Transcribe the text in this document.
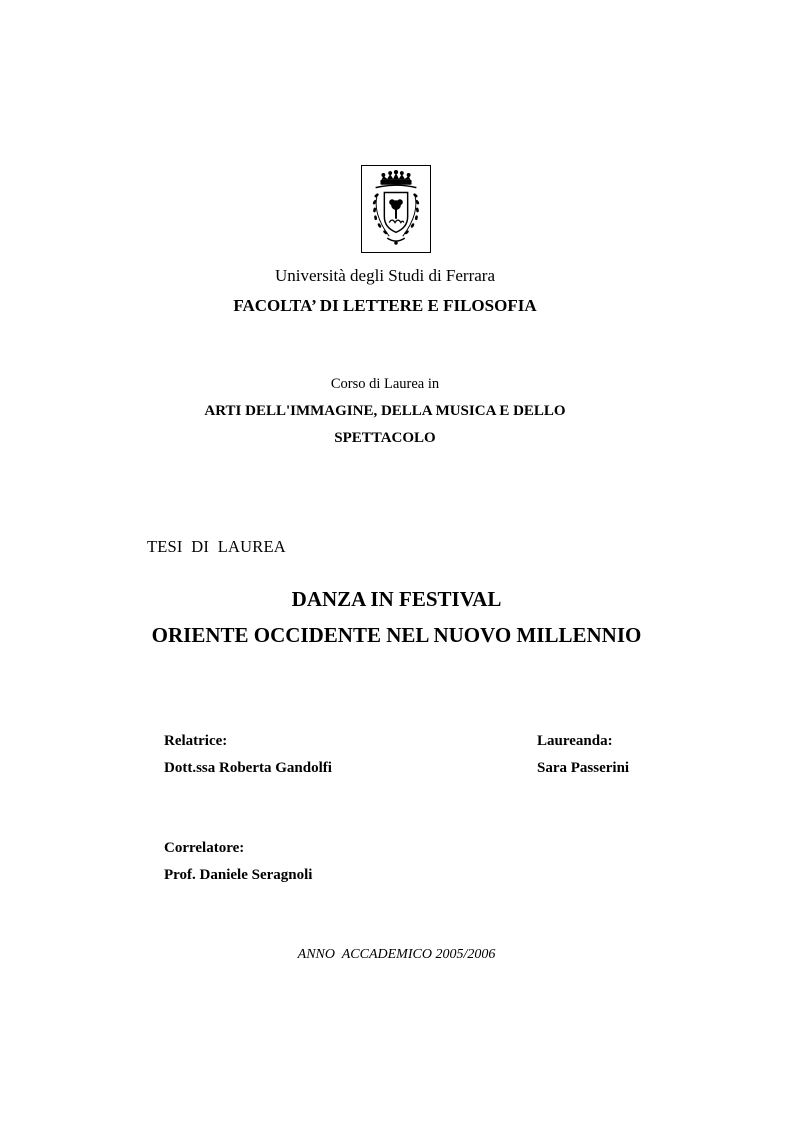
Università degli Studi di Ferrara
FACOLTA’ DI LETTERE E FILOSOFIA
Corso di Laurea in
ARTI DELL'IMMAGINE, DELLA MUSICA E DELLO
SPETTACOLO
TESI  DI  LAUREA
DANZA IN FESTIVAL
ORIENTE OCCIDENTE NEL NUOVO MILLENNIO
Relatrice:
Dott.ssa Roberta Gandolfi
Laureanda:
Sara Passerini
Correlatore:
Prof. Daniele Seragnoli
ANNO  ACCADEMICO 2005/2006
